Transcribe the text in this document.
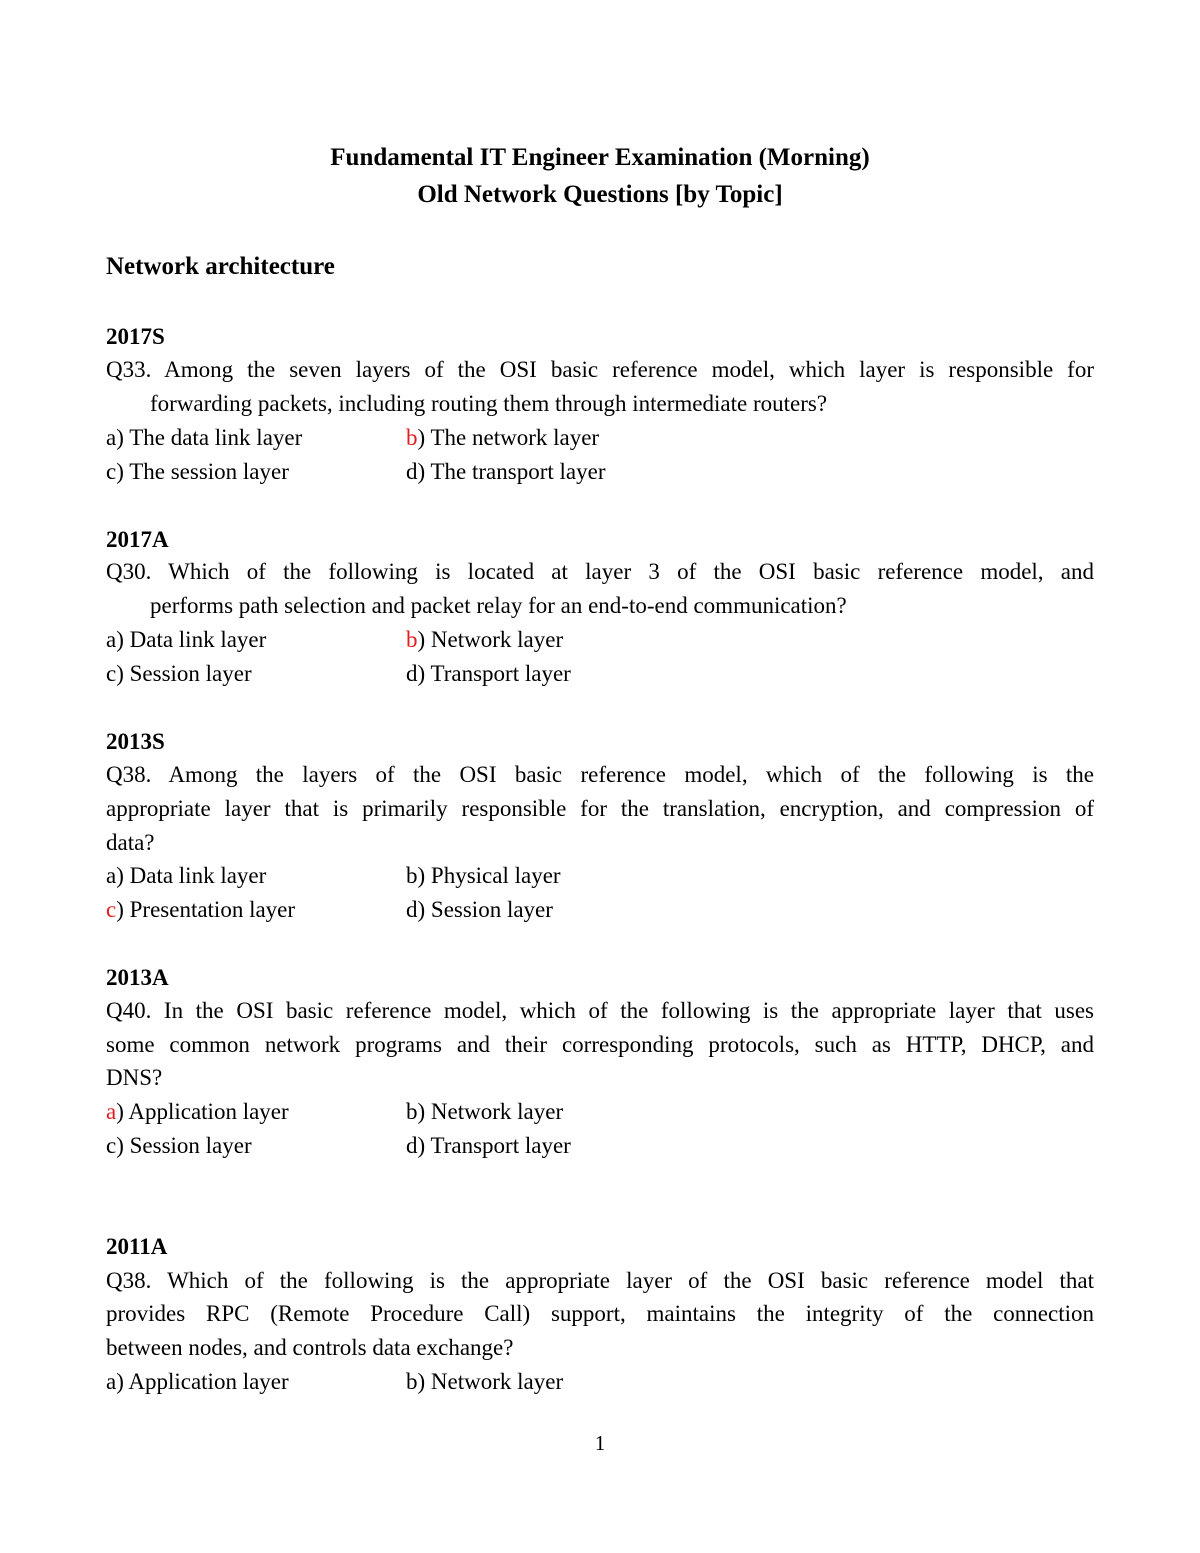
Fundamental IT Engineer Examination (Morning)
Old Network Questions [by Topic]
Network architecture
2017S
Q33. Among the seven layers of the OSI basic reference model, which layer is responsible for
forwarding packets, including routing them through intermediate routers?
a) The data link layer	b) The network layer
c) The session layer	d) The transport layer
2017A
Q30. Which of the following is located at layer 3 of the OSI basic reference model, and
performs path selection and packet relay for an end-to-end communication?
a) Data link layer	b) Network layer
c) Session layer	d) Transport layer
2013S
Q38. Among the layers of the OSI basic reference model, which of the following is the
appropriate layer that is primarily responsible for the translation, encryption, and compression of
data?
a) Data link layer	b) Physical layer
c) Presentation layer	d) Session layer
2013A
Q40. In the OSI basic reference model, which of the following is the appropriate layer that uses
some common network programs and their corresponding protocols, such as HTTP, DHCP, and
DNS?
a) Application layer	b) Network layer
c) Session layer	d) Transport layer
2011A
Q38. Which of the following is the appropriate layer of the OSI basic reference model that
provides RPC (Remote Procedure Call) support, maintains the integrity of the connection
between nodes, and controls data exchange?
a) Application layer	b) Network layer
1
